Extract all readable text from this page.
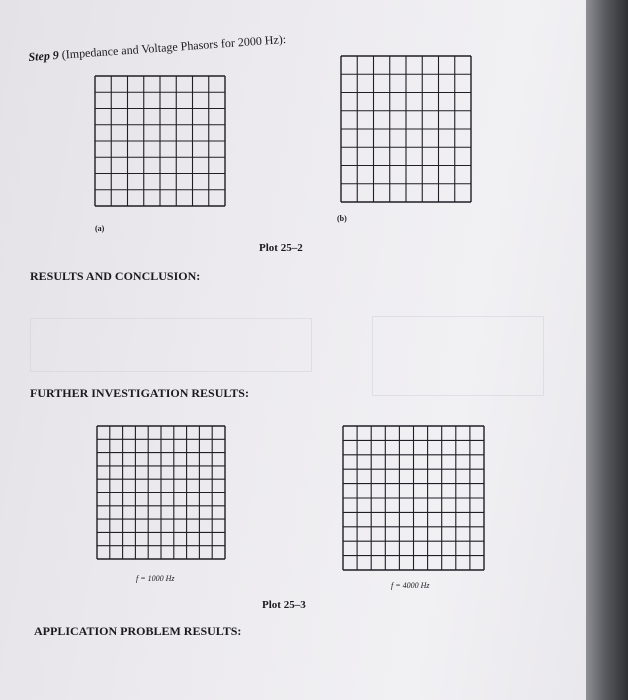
Step 9 (Impedance and Voltage Phasors for 2000 Hz):
(a)
(b)
Plot 25–2
RESULTS AND CONCLUSION:
FURTHER INVESTIGATION RESULTS:
f = 1000 Hz
f = 4000 Hz
Plot 25–3
APPLICATION PROBLEM RESULTS:
